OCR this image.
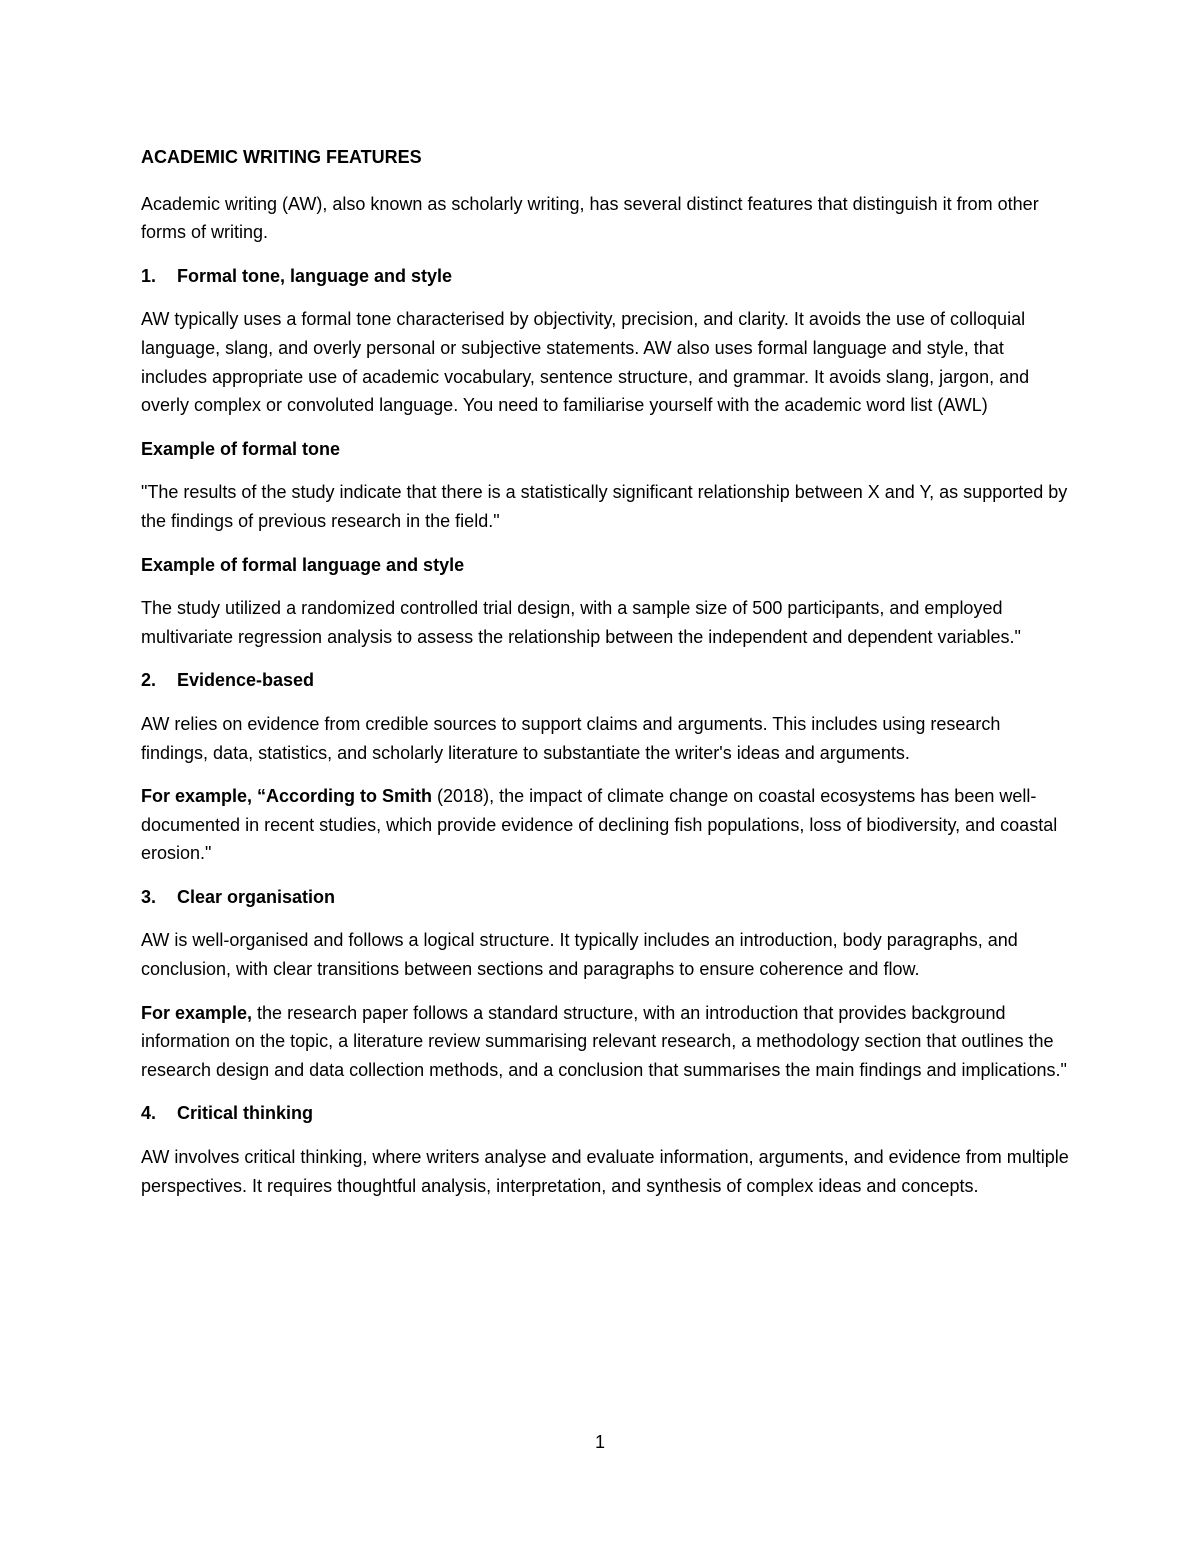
ACADEMIC WRITING FEATURES

Academic writing (AW), also known as scholarly writing, has several distinct features that distinguish it from other forms of writing.

1. Formal tone, language and style

AW typically uses a formal tone characterised by objectivity, precision, and clarity. It avoids the use of colloquial language, slang, and overly personal or subjective statements. AW also uses formal language and style, that includes appropriate use of academic vocabulary, sentence structure, and grammar. It avoids slang, jargon, and overly complex or convoluted language. You need to familiarise yourself with the academic word list (AWL)

Example of formal tone

"The results of the study indicate that there is a statistically significant relationship between X and Y, as supported by the findings of previous research in the field."

Example of formal language and style

The study utilized a randomized controlled trial design, with a sample size of 500 participants, and employed multivariate regression analysis to assess the relationship between the independent and dependent variables."

2. Evidence-based

AW relies on evidence from credible sources to support claims and arguments. This includes using research findings, data, statistics, and scholarly literature to substantiate the writer's ideas and arguments.

For example, “According to Smith (2018), the impact of climate change on coastal ecosystems has been well-documented in recent studies, which provide evidence of declining fish populations, loss of biodiversity, and coastal erosion."

3. Clear organisation

AW is well-organised and follows a logical structure. It typically includes an introduction, body paragraphs, and conclusion, with clear transitions between sections and paragraphs to ensure coherence and flow.

For example, the research paper follows a standard structure, with an introduction that provides background information on the topic, a literature review summarising relevant research, a methodology section that outlines the research design and data collection methods, and a conclusion that summarises the main findings and implications."

4. Critical thinking

AW involves critical thinking, where writers analyse and evaluate information, arguments, and evidence from multiple perspectives. It requires thoughtful analysis, interpretation, and synthesis of complex ideas and concepts.

1
